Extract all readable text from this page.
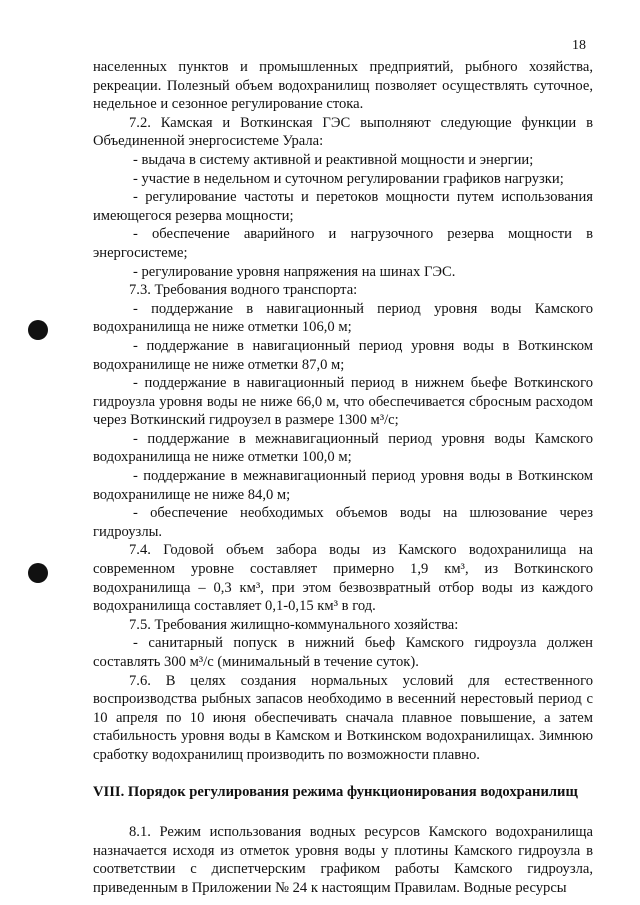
18

населенных пунктов и промышленных предприятий, рыбного хозяйства, рекреации. Полезный объем водохранилищ позволяет осуществлять суточное, недельное и сезонное регулирование стока.

7.2. Камская и Воткинская ГЭС выполняют следующие функции в Объединенной энергосистеме Урала:

- выдача в систему активной и реактивной мощности и энергии;

- участие в недельном и суточном регулировании графиков нагрузки;

- регулирование частоты и перетоков мощности путем использования имеющегося резерва мощности;

- обеспечение аварийного и нагрузочного резерва мощности в энергосистеме;

- регулирование уровня напряжения на шинах ГЭС.

7.3. Требования водного транспорта:

- поддержание в навигационный период уровня воды Камского водохранилища не ниже отметки 106,0 м;

- поддержание в навигационный период уровня воды в Воткинском водохранилище не ниже отметки 87,0 м;

- поддержание в навигационный период в нижнем бьефе Воткинского гидроузла уровня воды не ниже 66,0 м, что обеспечивается сбросным расходом через Воткинский гидроузел в размере 1300 м³/с;

- поддержание в межнавигационный период уровня воды Камского водохранилища не ниже отметки 100,0 м;

- поддержание в межнавигационный период уровня воды в Воткинском водохранилище не ниже 84,0 м;

- обеспечение необходимых объемов воды на шлюзование через гидроузлы.

7.4. Годовой объем забора воды из Камского водохранилища на современном уровне составляет примерно 1,9 км³, из Воткинского водохранилища – 0,3 км³, при этом безвозвратный отбор воды из каждого водохранилища составляет 0,1-0,15 км³ в год.

7.5. Требования жилищно-коммунального хозяйства:

- санитарный попуск в нижний бьеф Камского гидроузла должен составлять 300 м³/с (минимальный в течение суток).

7.6. В целях создания нормальных условий для естественного воспроизводства рыбных запасов необходимо в весенний нерестовый период с 10 апреля по 10 июня обеспечивать сначала плавное повышение, а затем стабильность уровня воды в Камском и Воткинском водохранилищах. Зимнюю сработку водохранилищ производить по возможности плавно.

VIII. Порядок регулирования режима функционирования водохранилищ

8.1. Режим использования водных ресурсов Камского водохранилища назначается исходя из отметок уровня воды у плотины Камского гидроузла в соответствии с диспетчерским графиком работы Камского гидроузла, приведенным в Приложении № 24 к настоящим Правилам. Водные ресурсы
